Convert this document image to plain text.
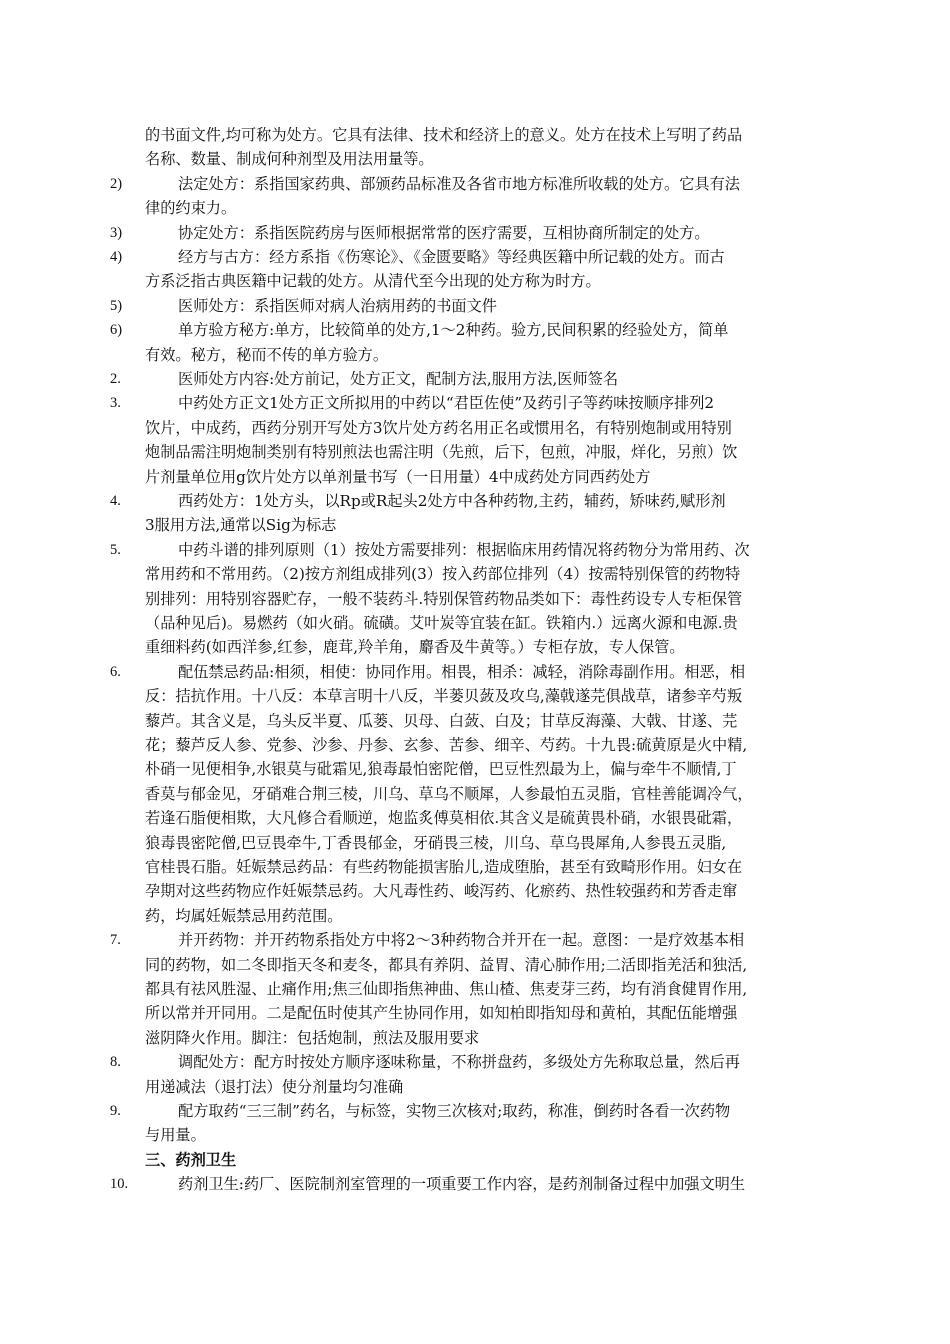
的书面文件,均可称为处方。它具有法律、技术和经济上的意义。处方在技术上写明了药品
名称、数量、制成何种剂型及用法用量等。
2)	法定处方：系指国家药典、部颁药品标准及各省市地方标准所收载的处方。它具有法
律的约束力。
3)	协定处方：系指医院药房与医师根据常常的医疗需要，互相协商所制定的处方。
4)	经方与古方：经方系指《伤寒论》、《金匮要略》等经典医籍中所记载的处方。而古
方系泛指古典医籍中记载的处方。从清代至今出现的处方称为时方。
5)	医师处方：系指医师对病人治病用药的书面文件
6)	单方验方秘方:单方，比较简单的处方,1～2种药。验方,民间积累的经验处方，简单
有效。秘方，秘而不传的单方验方。
2.	医师处方内容:处方前记，处方正文，配制方法,服用方法,医师签名
3.	中药处方正文1处方正文所拟用的中药以“君臣佐使”及药引子等药味按顺序排列2
饮片，中成药，西药分别开写处方3饮片处方药名用正名或惯用名，有特别炮制或用特别
炮制品需注明炮制类别有特别煎法也需注明（先煎，后下，包煎，冲服，烊化，另煎）饮
片剂量单位用g饮片处方以单剂量书写（一日用量）4中成药处方同西药处方
4.	西药处方：1处方头，以Rp或R起头2处方中各种药物,主药，辅药，矫味药,赋形剂
3服用方法,通常以Sig为标志
5.	中药斗谱的排列原则（1）按处方需要排列：根据临床用药情况将药物分为常用药、次
常用药和不常用药。（2)按方剂组成排列(3）按入药部位排列（4）按需特别保管的药物特
别排列：用特别容器贮存，一般不装药斗.特别保管药物品类如下：毒性药设专人专柜保管
（品种见后)。易燃药（如火硝。硫磺。艾叶炭等宜装在缸。铁箱内.）远离火源和电源.贵
重细料药(如西洋参,红参，鹿茸,羚羊角，麝香及牛黄等。）专柜存放，专人保管。
6.	配伍禁忌药品:相须，相使：协同作用。相畏，相杀：减轻，消除毒副作用。相恶，相
反：拮抗作用。十八反：本草言明十八反，半蒌贝蔹及攻乌,藻戟遂芫俱战草，诸参辛芍叛
藜芦。其含义是，乌头反半夏、瓜蒌、贝母、白蔹、白及；甘草反海藻、大戟、甘遂、芫
花；藜芦反人参、党参、沙参、丹参、玄参、苦参、细辛、芍药。十九畏:硫黄原是火中精,
朴硝一见便相争,水银莫与砒霜见,狼毒最怕密陀僧，巴豆性烈最为上，偏与牵牛不顺情,丁
香莫与郁金见，牙硝难合荆三棱，川乌、草乌不顺犀，人参最怕五灵脂，官桂善能调冷气，
若逢石脂便相欺，大凡修合看顺逆，炮监炙傅莫相依.其含义是硫黄畏朴硝，水银畏砒霜，
狼毒畏密陀僧,巴豆畏牵牛,丁香畏郁金，牙硝畏三棱，川乌、草乌畏犀角,人参畏五灵脂,
官桂畏石脂。妊娠禁忌药品：有些药物能损害胎儿,造成堕胎，甚至有致畸形作用。妇女在
孕期对这些药物应作妊娠禁忌药。大凡毒性药、峻泻药、化瘀药、热性较强药和芳香走窜
药，均属妊娠禁忌用药范围。
7.	并开药物：并开药物系指处方中将2～3种药物合并开在一起。意图：一是疗效基本相
同的药物，如二冬即指天冬和麦冬，都具有养阴、益胃、清心肺作用;二活即指羌活和独活,
都具有祛风胜湿、止痛作用;焦三仙即指焦神曲、焦山楂、焦麦芽三药，均有消食健胃作用,
所以常并开同用。二是配伍时使其产生协同作用，如知柏即指知母和黄柏，其配伍能增强
滋阴降火作用。脚注：包括炮制，煎法及服用要求
8.	调配处方：配方时按处方顺序逐味称量，不称拼盘药，多级处方先称取总量，然后再
用递减法（退打法）使分剂量均匀准确
9.	配方取药“三三制”药名，与标签，实物三次核对;取药，称准，倒药时各看一次药物
与用量。
三、药剂卫生
10.	药剂卫生:药厂、医院制剂室管理的一项重要工作内容，是药剂制备过程中加强文明生
